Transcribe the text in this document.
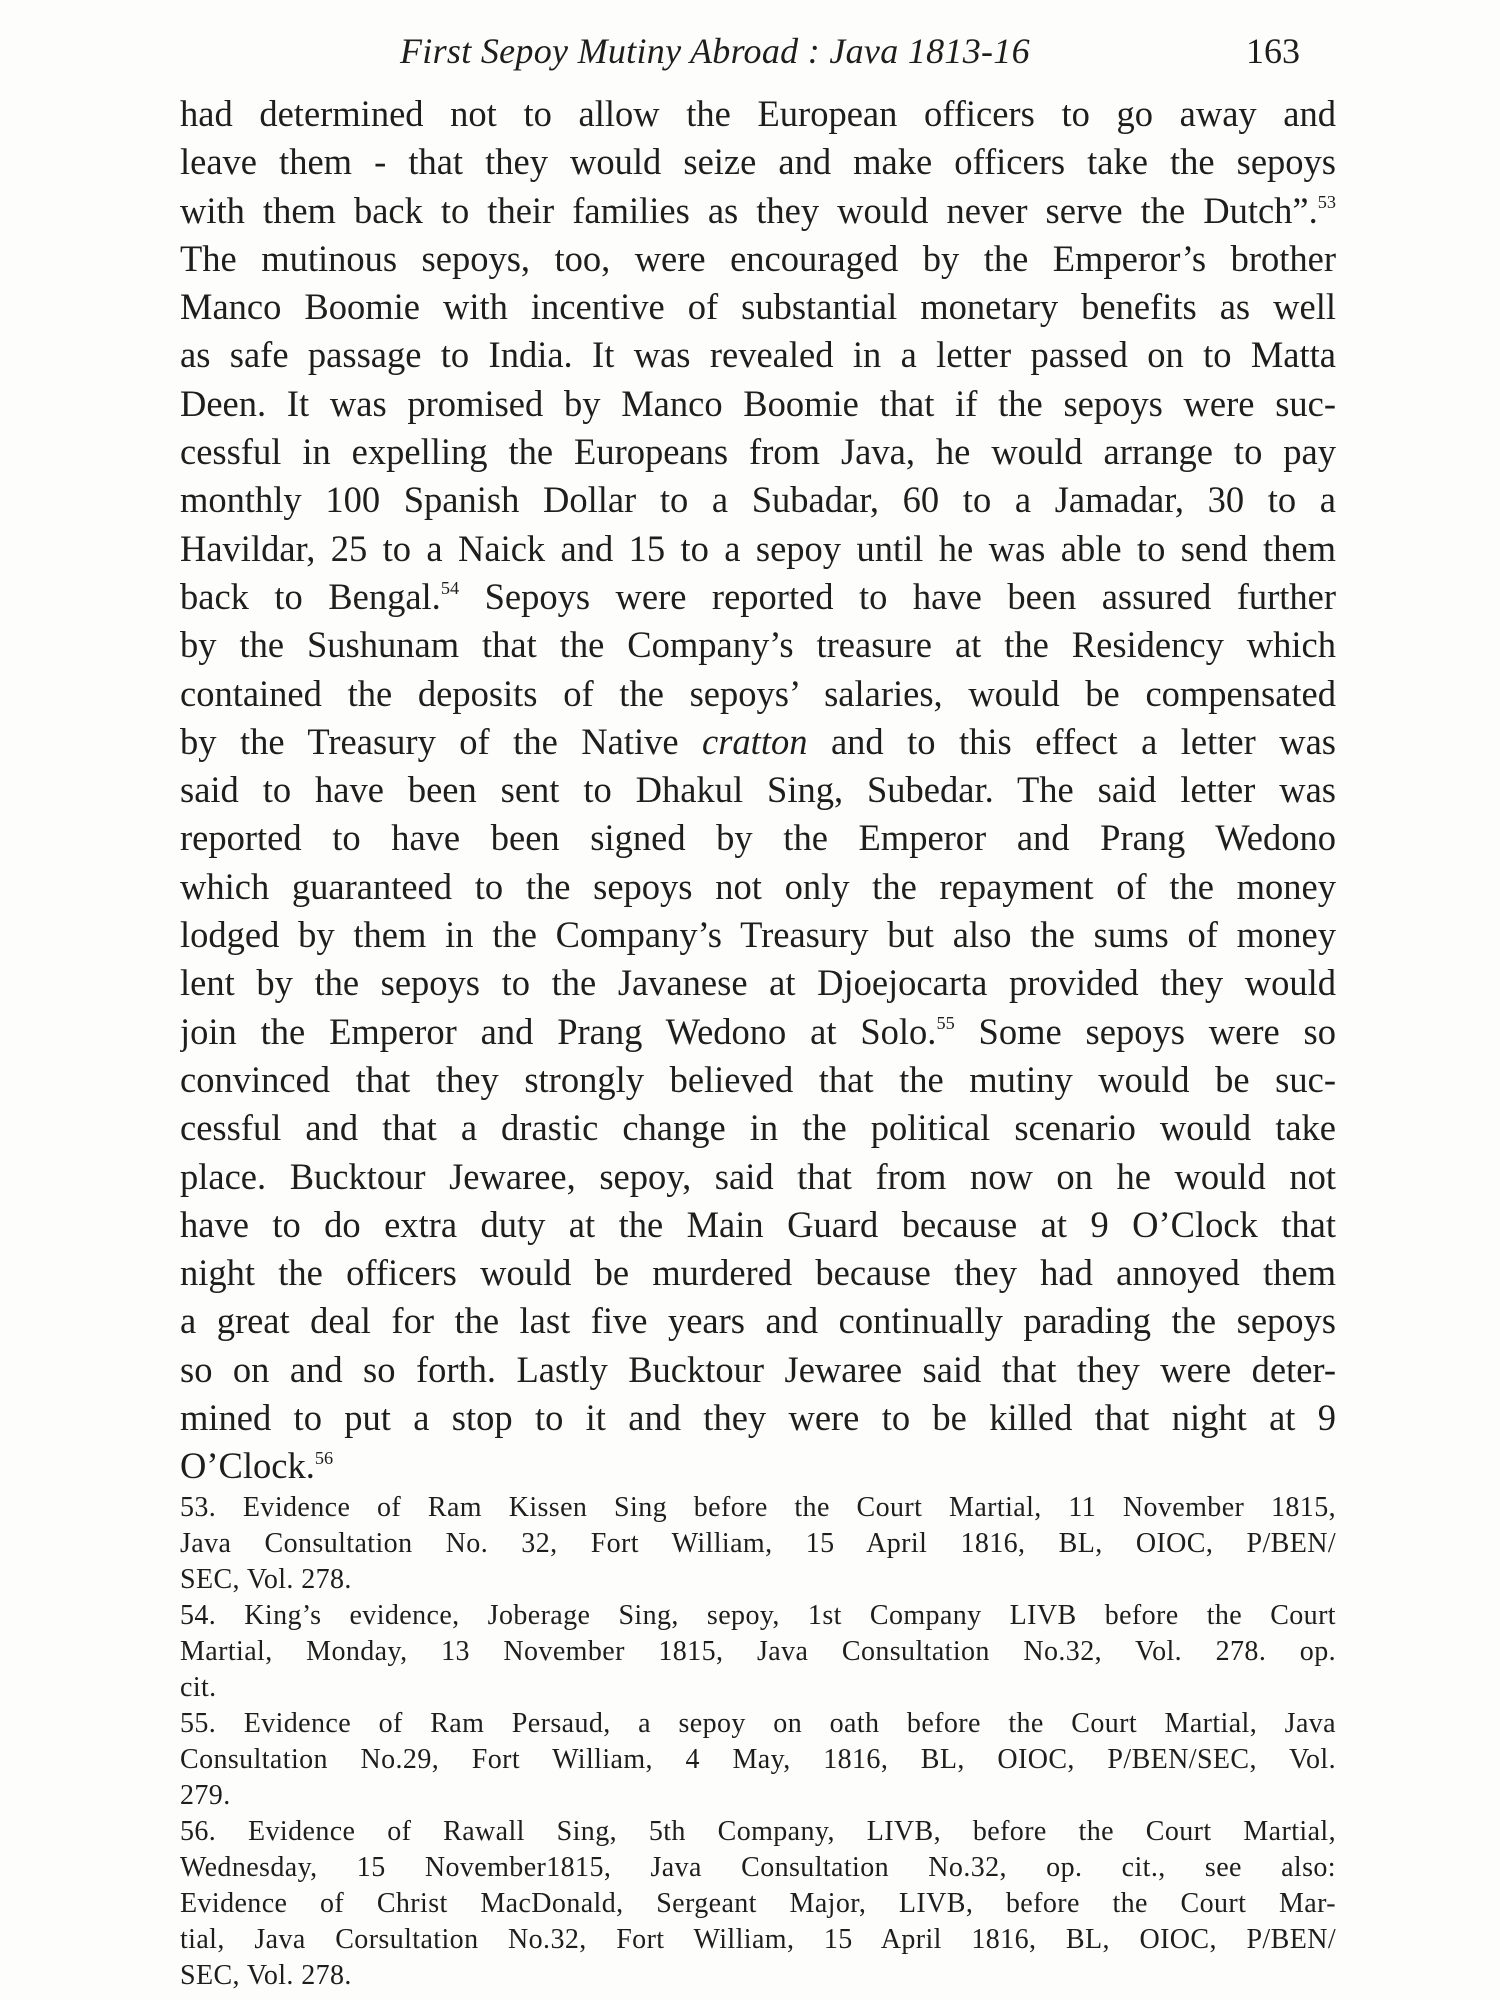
First Sepoy Mutiny Abroad : Java 1813-16	163
had determined not to allow the European officers to go away and
leave them - that they would seize and make officers take the sepoys
with them back to their families as they would never serve the Dutch”.$^{53}$
The mutinous sepoys, too, were encouraged by the Emperor’s brother
Manco Boomie with incentive of substantial monetary benefits as well
as safe passage to India. It was revealed in a letter passed on to Matta
Deen. It was promised by Manco Boomie that if the sepoys were suc-
cessful in expelling the Europeans from Java, he would arrange to pay
monthly 100 Spanish Dollar to a Subadar, 60 to a Jamadar, 30 to a
Havildar, 25 to a Naick and 15 to a sepoy until he was able to send them
back to Bengal.$^{54}$ Sepoys were reported to have been assured further
by the Sushunam that the Company’s treasure at the Residency which
contained the deposits of the sepoys’ salaries, would be compensated
by the Treasury of the Native cratton and to this effect a letter was
said to have been sent to Dhakul Sing, Subedar. The said letter was
reported to have been signed by the Emperor and Prang Wedono
which guaranteed to the sepoys not only the repayment of the money
lodged by them in the Company’s Treasury but also the sums of money
lent by the sepoys to the Javanese at Djoejocarta provided they would
join the Emperor and Prang Wedono at Solo.$^{55}$ Some sepoys were so
convinced that they strongly believed that the mutiny would be suc-
cessful and that a drastic change in the political scenario would take
place. Bucktour Jewaree, sepoy, said that from now on he would not
have to do extra duty at the Main Guard because at 9 O’Clock that
night the officers would be murdered because they had annoyed them
a great deal for the last five years and continually parading the sepoys
so on and so forth. Lastly Bucktour Jewaree said that they were deter-
mined to put a stop to it and they were to be killed that night at 9
O’Clock.$^{56}$
53. Evidence of Ram Kissen Sing before the Court Martial, 11 November 1815,
Java Consultation No. 32, Fort William, 15 April 1816, BL, OIOC, P/BEN/
SEC, Vol. 278.
54. King’s evidence, Joberage Sing, sepoy, 1st Company LIVB before the Court
Martial, Monday, 13 November 1815, Java Consultation No.32, Vol. 278. op.
cit.
55. Evidence of Ram Persaud, a sepoy on oath before the Court Martial, Java
Consultation No.29, Fort William, 4 May, 1816, BL, OIOC, P/BEN/SEC, Vol.
279.
56. Evidence of Rawall Sing, 5th Company, LIVB, before the Court Martial,
Wednesday, 15 November1815, Java Consultation No.32, op. cit., see also:
Evidence of Christ MacDonald, Sergeant Major, LIVB, before the Court Mar-
tial, Java Corsultation No.32, Fort William, 15 April 1816, BL, OIOC, P/BEN/
SEC, Vol. 278.
